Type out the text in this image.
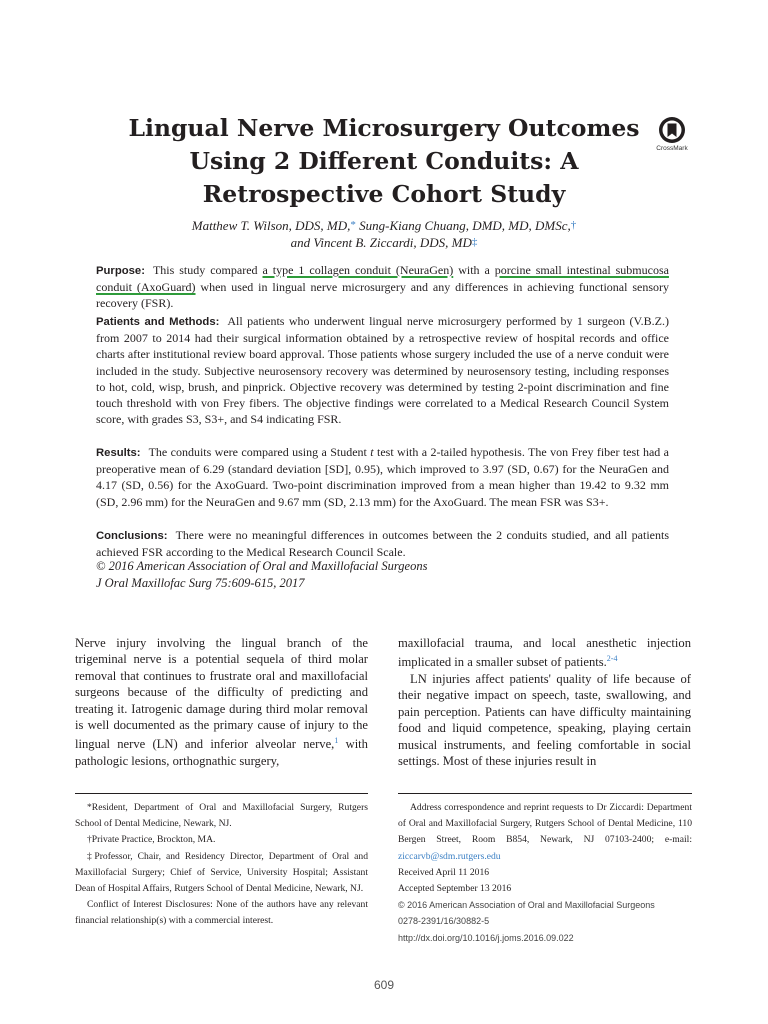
Lingual Nerve Microsurgery Outcomes
Using 2 Different Conduits: A
Retrospective Cohort Study
CrossMark
Matthew T. Wilson, DDS, MD,* Sung-Kiang Chuang, DMD, MD, DMSc,†
and Vincent B. Ziccardi, DDS, MD‡

Purpose: This study compared a type 1 collagen conduit (NeuraGen) with a porcine small intestinal submucosa conduit (AxoGuard) when used in lingual nerve microsurgery and any differences in achieving functional sensory recovery (FSR).

Patients and Methods: All patients who underwent lingual nerve microsurgery performed by 1 surgeon (V.B.Z.) from 2007 to 2014 had their surgical information obtained by a retrospective review of hospital records and office charts after institutional review board approval. Those patients whose surgery included the use of a nerve conduit were included in the study. Subjective neurosensory recovery was determined by neurosensory testing, including responses to hot, cold, wisp, brush, and pinprick. Objective recovery was determined by testing 2-point discrimination and fine touch threshold with von Frey fibers. The objective findings were correlated to a Medical Research Council System score, with grades S3, S3+, and S4 indicating FSR.

Results: The conduits were compared using a Student t test with a 2-tailed hypothesis. The von Frey fiber test had a preoperative mean of 6.29 (standard deviation [SD], 0.95), which improved to 3.97 (SD, 0.67) for the NeuraGen and 4.17 (SD, 0.56) for the AxoGuard. Two-point discrimination improved from a mean higher than 19.42 to 9.32 mm (SD, 2.96 mm) for the NeuraGen and 9.67 mm (SD, 2.13 mm) for the AxoGuard. The mean FSR was S3+.

Conclusions: There were no meaningful differences in outcomes between the 2 conduits studied, and all patients achieved FSR according to the Medical Research Council Scale.

© 2016 American Association of Oral and Maxillofacial Surgeons
J Oral Maxillofac Surg 75:609-615, 2017

Nerve injury involving the lingual branch of the trigeminal nerve is a potential sequela of third molar removal that continues to frustrate oral and maxillofacial surgeons because of the difficulty of predicting and treating it. Iatrogenic damage during third molar removal is well documented as the primary cause of injury to the lingual nerve (LN) and inferior alveolar nerve,$^1$ with pathologic lesions, orthognathic surgery,

maxillofacial trauma, and local anesthetic injection implicated in a smaller subset of patients.$^{2-4}$

LN injuries affect patients' quality of life because of their negative impact on speech, taste, swallowing, and pain perception. Patients can have difficulty maintaining food and liquid competence, speaking, playing certain musical instruments, and feeling comfortable in social settings. Most of these injuries result in

*Resident, Department of Oral and Maxillofacial Surgery, Rutgers School of Dental Medicine, Newark, NJ.

†Private Practice, Brockton, MA.

‡Professor, Chair, and Residency Director, Department of Oral and Maxillofacial Surgery; Chief of Service, University Hospital; Assistant Dean of Hospital Affairs, Rutgers School of Dental Medicine, Newark, NJ.

Conflict of Interest Disclosures: None of the authors have any relevant financial relationship(s) with a commercial interest.

Address correspondence and reprint requests to Dr Ziccardi: Department of Oral and Maxillofacial Surgery, Rutgers School of Dental Medicine, 110 Bergen Street, Room B854, Newark, NJ 07103-2400; e-mail: ziccarvb@sdm.rutgers.edu

Received April 11 2016

Accepted September 13 2016

© 2016 American Association of Oral and Maxillofacial Surgeons

0278-2391/16/30882-5

http://dx.doi.org/10.1016/j.joms.2016.09.022

609
